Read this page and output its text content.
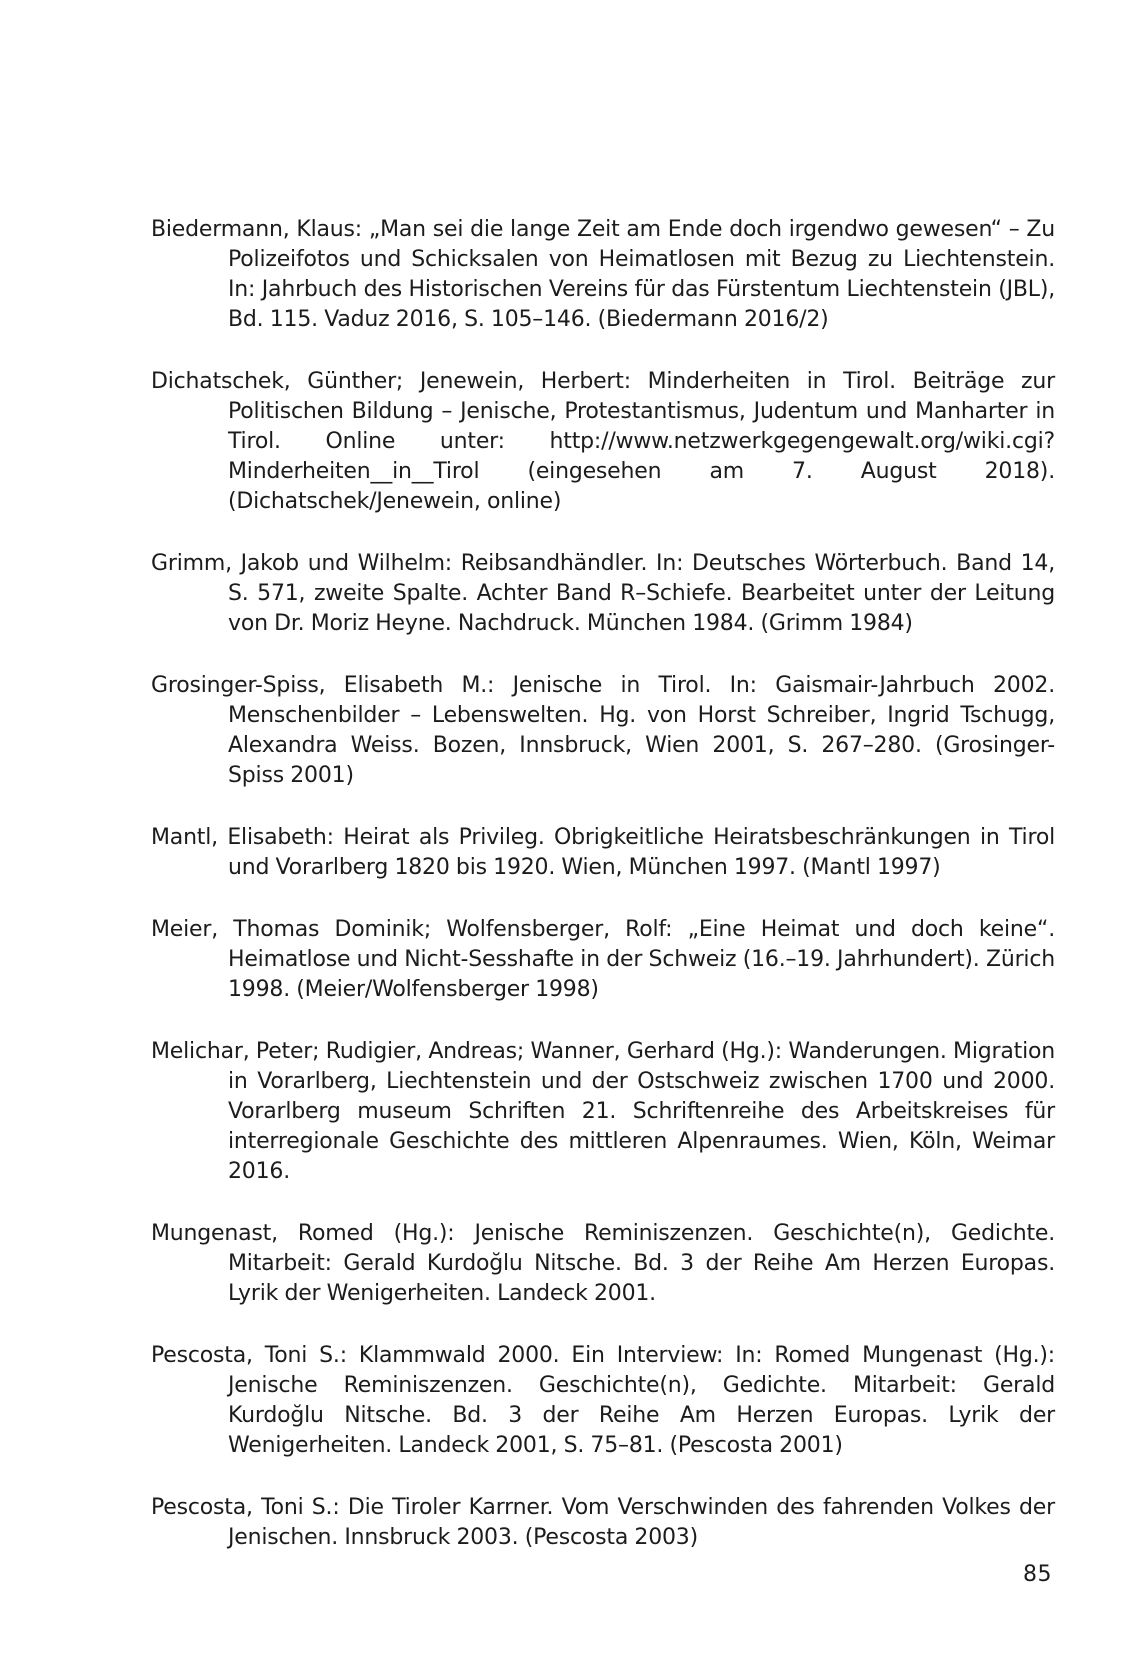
Biedermann, Klaus: „Man sei die lange Zeit am Ende doch irgendwo gewesen“ – Zu Polizeifotos und Schicksalen von Heimatlosen mit Bezug zu Liechtenstein. In: Jahrbuch des Historischen Vereins für das Fürstentum Liechtenstein (JBL), Bd. 115. Vaduz 2016, S. 105–146. (Biedermann 2016/2)
Dichatschek, Günther; Jenewein, Herbert: Minderheiten in Tirol. Beiträge zur Politischen Bildung – Jenische, Protestantismus, Judentum und Manharter in Tirol. Online unter: http://www.netzwerkgegengewalt.org/wiki.cgi?Minderheiten__in__Tirol (eingesehen am 7. August 2018). (Dichatschek/Jenewein, online)
Grimm, Jakob und Wilhelm: Reibsandhändler. In: Deutsches Wörterbuch. Band 14, S. 571, zweite Spalte. Achter Band R–Schiefe. Bearbeitet unter der Leitung von Dr. Moriz Heyne. Nachdruck. München 1984. (Grimm 1984)
Grosinger-Spiss, Elisabeth M.: Jenische in Tirol. In: Gaismair-Jahrbuch 2002. Menschenbilder – Lebenswelten. Hg. von Horst Schreiber, Ingrid Tschugg, Alexandra Weiss. Bozen, Innsbruck, Wien 2001, S. 267–280. (Grosinger-Spiss 2001)
Mantl, Elisabeth: Heirat als Privileg. Obrigkeitliche Heiratsbeschränkungen in Tirol und Vorarlberg 1820 bis 1920. Wien, München 1997. (Mantl 1997)
Meier, Thomas Dominik; Wolfensberger, Rolf: „Eine Heimat und doch keine“. Heimatlose und Nicht-Sesshafte in der Schweiz (16.–19. Jahrhundert). Zürich 1998. (Meier/Wolfensberger 1998)
Melichar, Peter; Rudigier, Andreas; Wanner, Gerhard (Hg.): Wanderungen. Migration in Vorarlberg, Liechtenstein und der Ostschweiz zwischen 1700 und 2000. Vorarlberg museum Schriften 21. Schriftenreihe des Arbeitskreises für interregionale Geschichte des mittleren Alpenraumes. Wien, Köln, Weimar 2016.
Mungenast, Romed (Hg.): Jenische Reminiszenzen. Geschichte(n), Gedichte. Mitarbeit: Gerald Kurdoğlu Nitsche. Bd. 3 der Reihe Am Herzen Europas. Lyrik der Wenigerheiten. Landeck 2001.
Pescosta, Toni S.: Klammwald 2000. Ein Interview: In: Romed Mungenast (Hg.): Jenische Reminiszenzen. Geschichte(n), Gedichte. Mitarbeit: Gerald Kurdoğlu Nitsche. Bd. 3 der Reihe Am Herzen Europas. Lyrik der Wenigerheiten. Landeck 2001, S. 75–81. (Pescosta 2001)
Pescosta, Toni S.: Die Tiroler Karrner. Vom Verschwinden des fahrenden Volkes der Jenischen. Innsbruck 2003. (Pescosta 2003)
85
